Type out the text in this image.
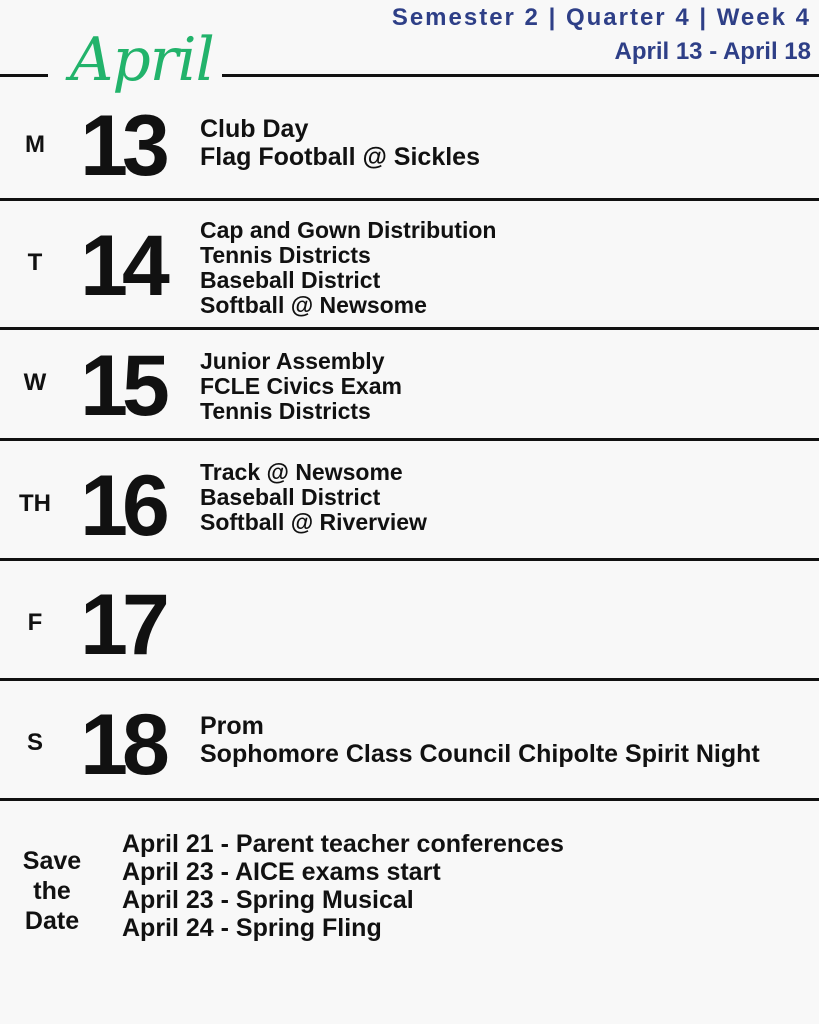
April
Semester 2 | Quarter 4 | Week 4
April 13 - April 18
M 13 Club Day
Flag Football @ Sickles
T 14 Cap and Gown Distribution
Tennis Districts
Baseball District
Softball @ Newsome
W 15 Junior Assembly
FCLE Civics Exam
Tennis Districts
TH 16 Track @ Newsome
Baseball District
Softball @ Riverview
F 17
S 18 Prom
Sophomore Class Council Chipolte Spirit Night
Save
the
Date
April 21 - Parent teacher conferences
April 23 - AICE exams start
April 23 - Spring Musical
April 24 - Spring Fling
